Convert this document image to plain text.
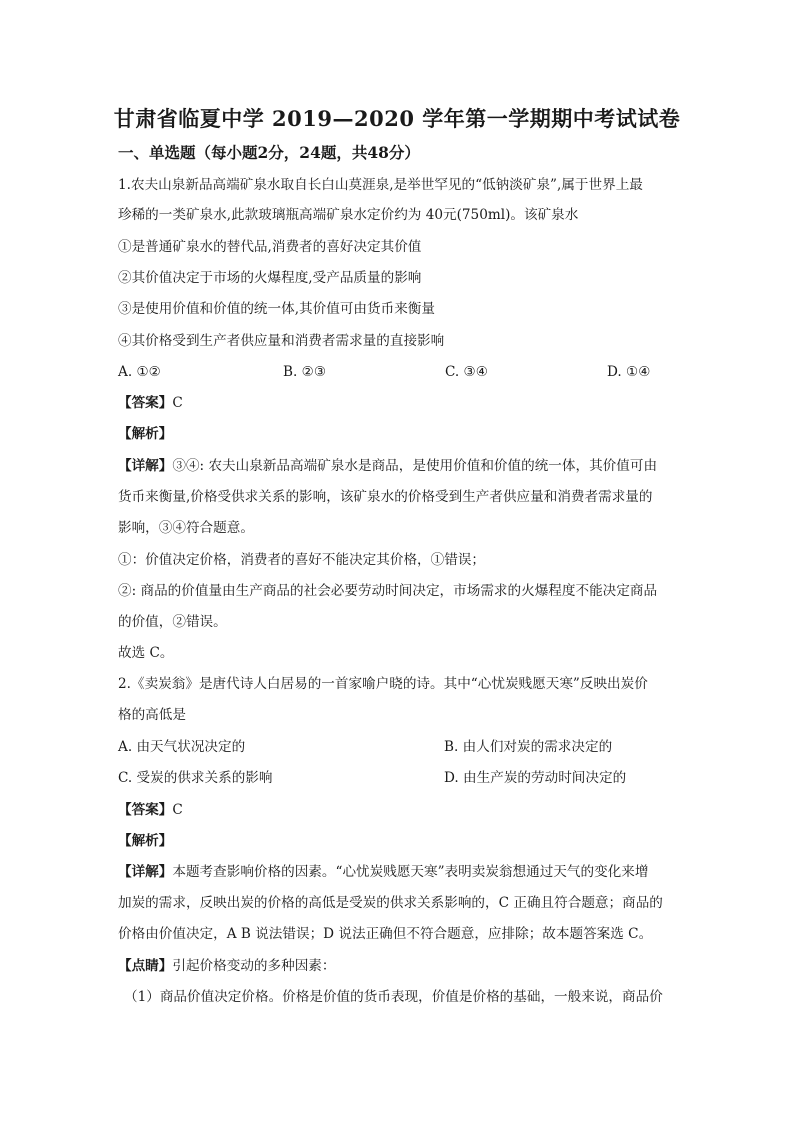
甘肃省临夏中学 2019—2020 学年第一学期期中考试试卷
一、单选题（每小题2分，24题，共48分）
1.农夫山泉新品高端矿泉水取自长白山莫涯泉,是举世罕见的“低钠淡矿泉”,属于世界上最
珍稀的一类矿泉水,此款玻璃瓶高端矿泉水定价约为 40元(750ml)。该矿泉水
①是普通矿泉水的替代品,消费者的喜好决定其价值
②其价值决定于市场的火爆程度,受产品质量的影响
③是使用价值和价值的统一体,其价值可由货币来衡量
④其价格受到生产者供应量和消费者需求量的直接影响
A. ①②	B. ②③	C. ③④	D. ①④
【答案】C
【解析】
【详解】③④: 农夫山泉新品高端矿泉水是商品，是使用价值和价值的统一体，其价值可由
货币来衡量,价格受供求关系的影响，该矿泉水的价格受到生产者供应量和消费者需求量的
影响，③④符合题意。
①：价值决定价格，消费者的喜好不能决定其价格，①错误；
②: 商品的价值量由生产商品的社会必要劳动时间决定，市场需求的火爆程度不能决定商品
的价值，②错误。
故选 C。
2.《卖炭翁》是唐代诗人白居易的一首家喻户晓的诗。其中“心忧炭贱愿天寒”反映出炭价
格的高低是
A. 由天气状况决定的	B. 由人们对炭的需求决定的
C. 受炭的供求关系的影响	D. 由生产炭的劳动时间决定的
【答案】C
【解析】
【详解】本题考查影响价格的因素。“心忧炭贱愿天寒”表明卖炭翁想通过天气的变化来增
加炭的需求，反映出炭的价格的高低是受炭的供求关系影响的，C 正确且符合题意；商品的
价格由价值决定，A B 说法错误；D 说法正确但不符合题意，应排除；故本题答案选 C。
【点睛】引起价格变动的多种因素：
（1）商品价值决定价格。价格是价值的货币表现，价值是价格的基础，一般来说，商品价
